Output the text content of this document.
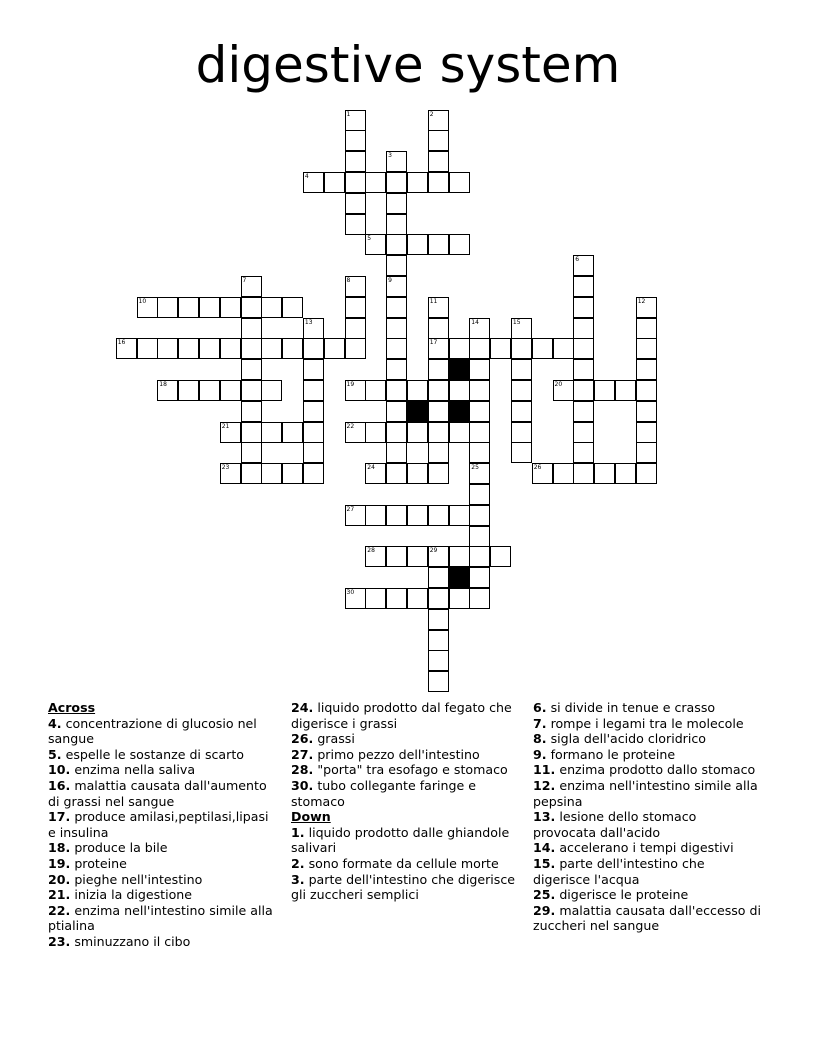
digestive system
1	2
3
4
5
6
7	8	9
10	11
17
12
13	14
25
15
16
18	19	20
21	22
23	24	26
27
28	29
30

Across

4. concentrazione di glucosio nel sangue

5. espelle le sostanze di scarto

10. enzima nella saliva

16. malattia causata dall'aumento di grassi nel sangue

17. produce amilasi,peptilasi,lipasi e insulina

18. produce la bile

19. proteine

20. pieghe nell'intestino

21. inizia la digestione

22. enzima nell'intestino simile alla ptialina

23. sminuzzano il cibo

24. liquido prodotto dal fegato che digerisce i grassi

26. grassi

27. primo pezzo dell'intestino

28. "porta" tra esofago e stomaco

30. tubo collegante faringe e stomaco

Down

1. liquido prodotto dalle ghiandole salivari

2. sono formate da cellule morte

3. parte dell'intestino che digerisce gli zuccheri semplici

6. si divide in tenue e crasso

7. rompe i legami tra le molecole

8. sigla dell'acido cloridrico

9. formano le proteine

11. enzima prodotto dallo stomaco

12. enzima nell'intestino simile alla pepsina

13. lesione dello stomaco provocata dall'acido

14. accelerano i tempi digestivi

15. parte dell'intestino che digerisce l'acqua

25. digerisce le proteine

29. malattia causata dall'eccesso di zuccheri nel sangue
